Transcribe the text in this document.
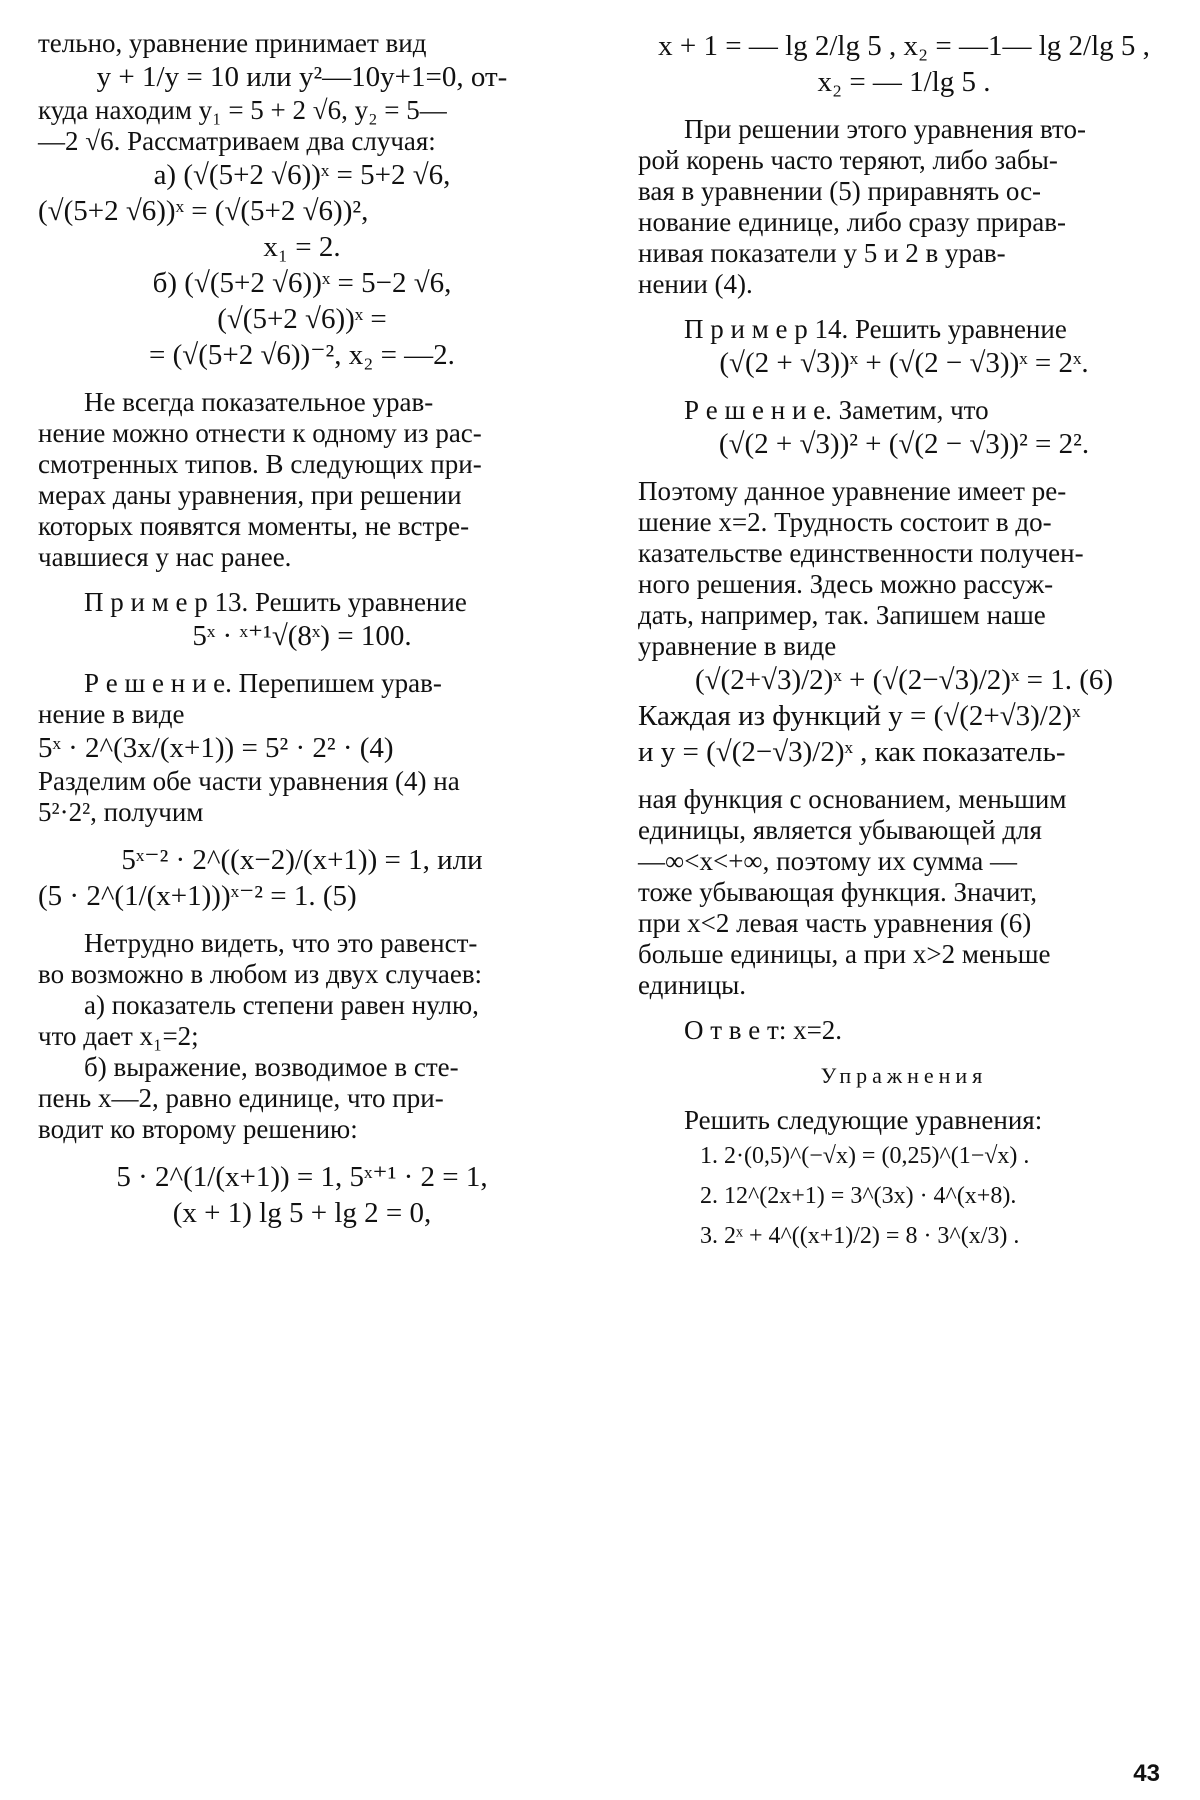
тельно, уравнение принимает вид

y + 1/y = 10 или y²—10y+1=0, от-

куда находим y₁ = 5 + 2 √6, y₂ = 5—

—2 √6. Рассматриваем два случая:

а) (√(5+2 √6))ˣ = 5+2 √6,

(√(5+2 √6))ˣ = (√(5+2 √6))²,

x₁ = 2.

б) (√(5+2 √6))ˣ = 5−2 √6,

(√(5+2 √6))ˣ =

= (√(5+2 √6))⁻², x₂ = —2.

Не всегда показательное урав-

нение можно отнести к одному из рас-

смотренных типов. В следующих при-

мерах даны уравнения, при решении

которых появятся моменты, не встре-

чавшиеся у нас ранее.

П р и м е р 13. Решить уравнение

5ˣ · ˣ⁺¹√(8ˣ) = 100.

Р е ш е н и е. Перепишем урав-

нение в виде

5ˣ · 2^(3x/(x+1)) = 5² · 2² · (4)

Разделим обе части уравнения (4) на

5²·2², получим

5ˣ⁻² · 2^((x−2)/(x+1)) = 1, или

(5 · 2^(1/(x+1)))ˣ⁻² = 1. (5)

Нетрудно видеть, что это равенст-

во возможно в любом из двух случаев:

а) показатель степени равен нулю,

что дает x₁=2;

б) выражение, возводимое в сте-

пень x—2, равно единице, что при-

водит ко второму решению:

5 · 2^(1/(x+1)) = 1, 5ˣ⁺¹ · 2 = 1,

(x + 1) lg 5 + lg 2 = 0,

x + 1 = — lg 2/lg 5 , x₂ = —1— lg 2/lg 5 ,

x₂ = — 1/lg 5 .

При решении этого уравнения вто-

рой корень часто теряют, либо забы-

вая в уравнении (5) приравнять ос-

нование единице, либо сразу прирав-

нивая показатели у 5 и 2 в урав-

нении (4).

П р и м е р 14. Решить уравнение

(√(2 + √3))ˣ + (√(2 − √3))ˣ = 2ˣ.

Р е ш е н и е. Заметим, что

(√(2 + √3))² + (√(2 − √3))² = 2².

Поэтому данное уравнение имеет ре-

шение x=2. Трудность состоит в до-

казательстве единственности получен-

ного решения. Здесь можно рассуж-

дать, например, так. Запишем наше

уравнение в виде

(√(2+√3)/2)ˣ + (√(2−√3)/2)ˣ = 1. (6)

Каждая из функций y = (√(2+√3)/2)ˣ

и y = (√(2−√3)/2)ˣ , как показатель-

ная функция с основанием, меньшим

единицы, является убывающей для

—∞<x<+∞, поэтому их сумма —

тоже убывающая функция. Значит,

при x<2 левая часть уравнения (6)

больше единицы, а при x>2 меньше

единицы.

О т в е т: x=2.

Упражнения

Решить следующие уравнения:

1. 2·(0,5)^(−√x) = (0,25)^(1−√x) .

2. 12^(2x+1) = 3^(3x) · 4^(x+8).

3. 2ˣ + 4^((x+1)/2) = 8 · 3^(x/3) .

43
